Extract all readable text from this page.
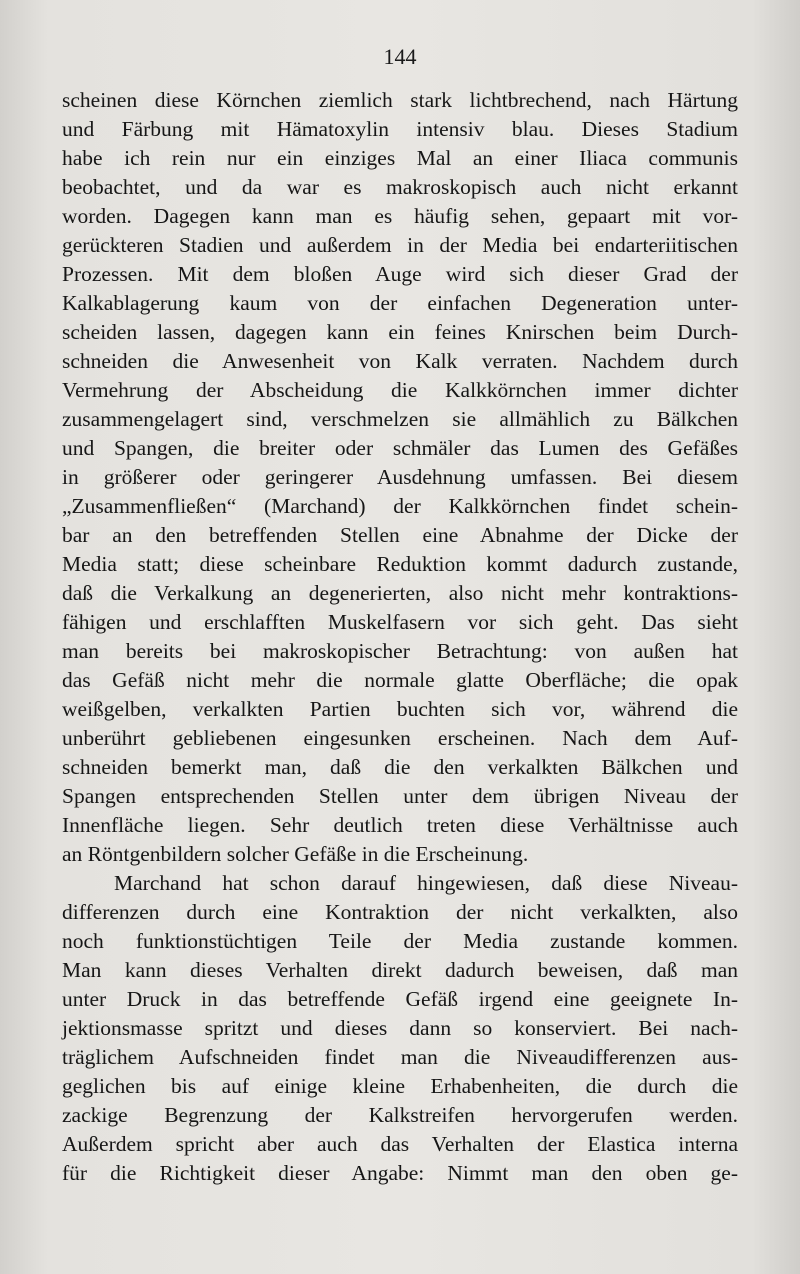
144
scheinen diese Körnchen ziemlich stark lichtbrechend, nach Härtung
und Färbung mit Hämatoxylin intensiv blau. Dieses Stadium
habe ich rein nur ein einziges Mal an einer Iliaca communis
beobachtet, und da war es makroskopisch auch nicht erkannt
worden. Dagegen kann man es häufig sehen, gepaart mit vor-
gerückteren Stadien und außerdem in der Media bei endarteriitischen
Prozessen. Mit dem bloßen Auge wird sich dieser Grad der
Kalkablagerung kaum von der einfachen Degeneration unter-
scheiden lassen, dagegen kann ein feines Knirschen beim Durch-
schneiden die Anwesenheit von Kalk verraten. Nachdem durch
Vermehrung der Abscheidung die Kalkkörnchen immer dichter
zusammengelagert sind, verschmelzen sie allmählich zu Bälkchen
und Spangen, die breiter oder schmäler das Lumen des Gefäßes
in größerer oder geringerer Ausdehnung umfassen. Bei diesem
„Zusammenfließen“ (Marchand) der Kalkkörnchen findet schein-
bar an den betreffenden Stellen eine Abnahme der Dicke der
Media statt; diese scheinbare Reduktion kommt dadurch zustande,
daß die Verkalkung an degenerierten, also nicht mehr kontraktions-
fähigen und erschlafften Muskelfasern vor sich geht. Das sieht
man bereits bei makroskopischer Betrachtung: von außen hat
das Gefäß nicht mehr die normale glatte Oberfläche; die opak
weißgelben, verkalkten Partien buchten sich vor, während die
unberührt gebliebenen eingesunken erscheinen. Nach dem Auf-
schneiden bemerkt man, daß die den verkalkten Bälkchen und
Spangen entsprechenden Stellen unter dem übrigen Niveau der
Innenfläche liegen. Sehr deutlich treten diese Verhältnisse auch
an Röntgenbildern solcher Gefäße in die Erscheinung.
Marchand hat schon darauf hingewiesen, daß diese Niveau-
differenzen durch eine Kontraktion der nicht verkalkten, also
noch funktionstüchtigen Teile der Media zustande kommen.
Man kann dieses Verhalten direkt dadurch beweisen, daß man
unter Druck in das betreffende Gefäß irgend eine geeignete In-
jektionsmasse spritzt und dieses dann so konserviert. Bei nach-
träglichem Aufschneiden findet man die Niveaudifferenzen aus-
geglichen bis auf einige kleine Erhabenheiten, die durch die
zackige Begrenzung der Kalkstreifen hervorgerufen werden.
Außerdem spricht aber auch das Verhalten der Elastica interna
für die Richtigkeit dieser Angabe: Nimmt man den oben ge-
